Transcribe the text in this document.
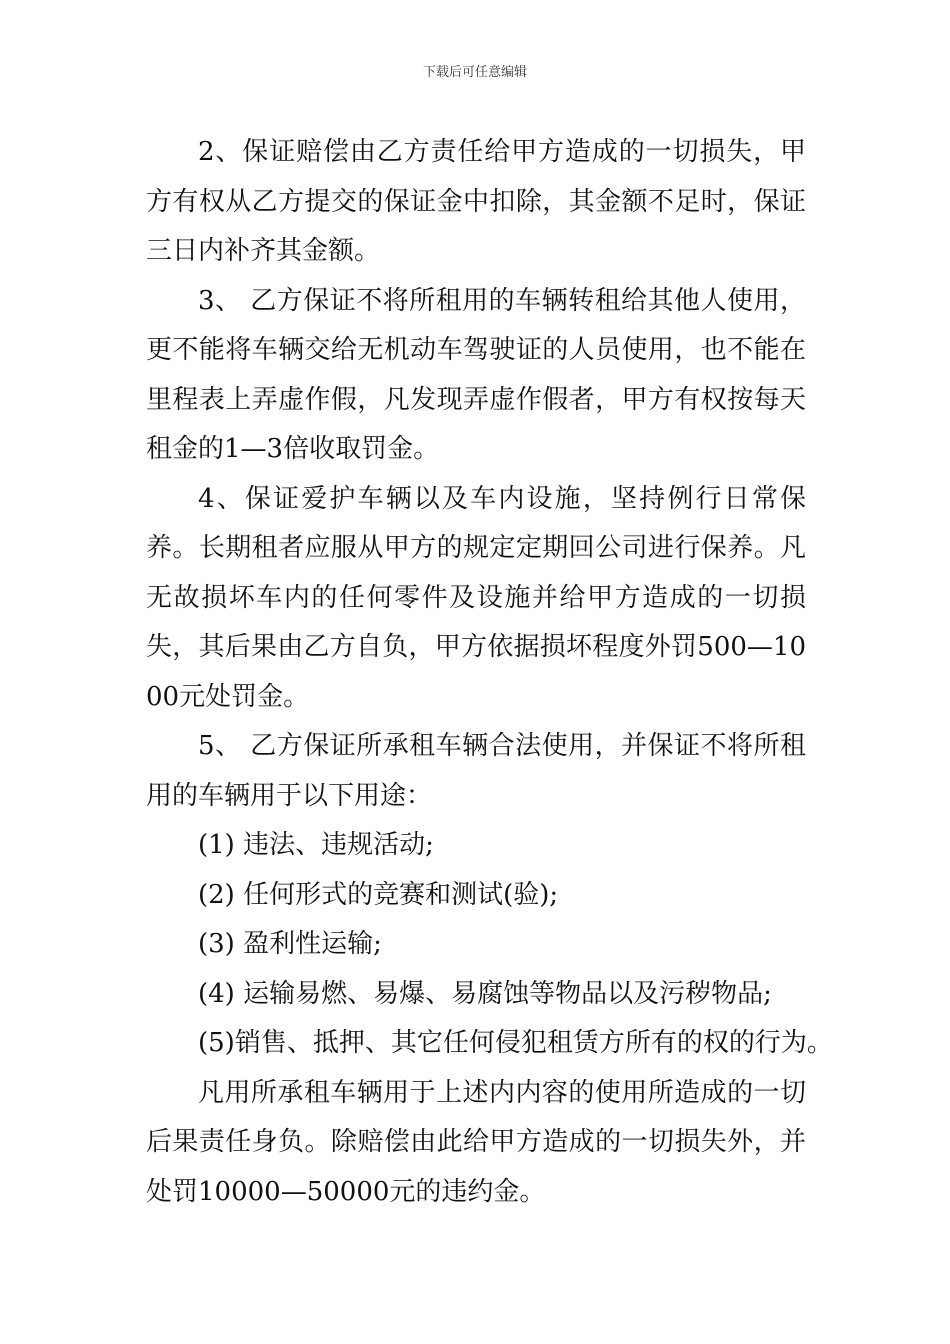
下载后可任意编辑

2、保证赔偿由乙方责任给甲方造成的一切损失，甲方有权从乙方提交的保证金中扣除，其金额不足时，保证三日内补齐其金额。

3、 乙方保证不将所租用的车辆转租给其他人使用，更不能将车辆交给无机动车驾驶证的人员使用，也不能在里程表上弄虚作假，凡发现弄虚作假者，甲方有权按每天租金的1—3倍收取罚金。

4、保证爱护车辆以及车内设施，坚持例行日常保养。长期租者应服从甲方的规定定期回公司进行保养。凡无故损坏车内的任何零件及设施并给甲方造成的一切损失，其后果由乙方自负，甲方依据损坏程度外罚500—1000元处罚金。

5、 乙方保证所承租车辆合法使用，并保证不将所租用的车辆用于以下用途：

(1) 违法、违规活动;

(2) 任何形式的竞赛和测试(验);

(3) 盈利性运输;

(4) 运输易燃、易爆、易腐蚀等物品以及污秽物品;

(5)销售、抵押、其它任何侵犯租赁方所有的权的行为。

凡用所承租车辆用于上述内内容的使用所造成的一切后果责任身负。除赔偿由此给甲方造成的一切损失外，并处罚10000—50000元的违约金。
